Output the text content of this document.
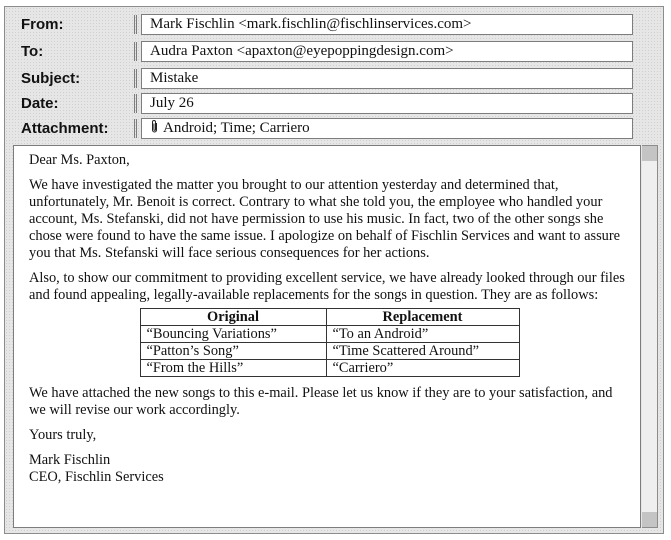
From:	Mark Fischlin <mark.fischlin@fischlinservices.com>
To:	Audra Paxton <apaxton@eyepoppingdesign.com>
Subject:	Mistake
Date:	July 26
Attachment:	Android; Time; Carriero

Dear Ms. Paxton,

We have investigated the matter you brought to our attention yesterday and determined that, unfortunately, Mr. Benoit is correct. Contrary to what she told you, the employee who handled your account, Ms. Stefanski, did not have permission to use his music. In fact, two of the other songs she chose were found to have the same issue. I apologize on behalf of Fischlin Services and want to assure you that Ms. Stefanski will face serious consequences for her actions.

Also, to show our commitment to providing excellent service, we have already looked through our files and found appealing, legally-available replacements for the songs in question. They are as follows:

Original	Replacement
“Bouncing Variations”	“To an Android”
“Patton’s Song”	“Time Scattered Around”
“From the Hills”	“Carriero”

We have attached the new songs to this e-mail. Please let us know if they are to your satisfaction, and we will revise our work accordingly.

Yours truly,

Mark Fischlin

CEO, Fischlin Services
